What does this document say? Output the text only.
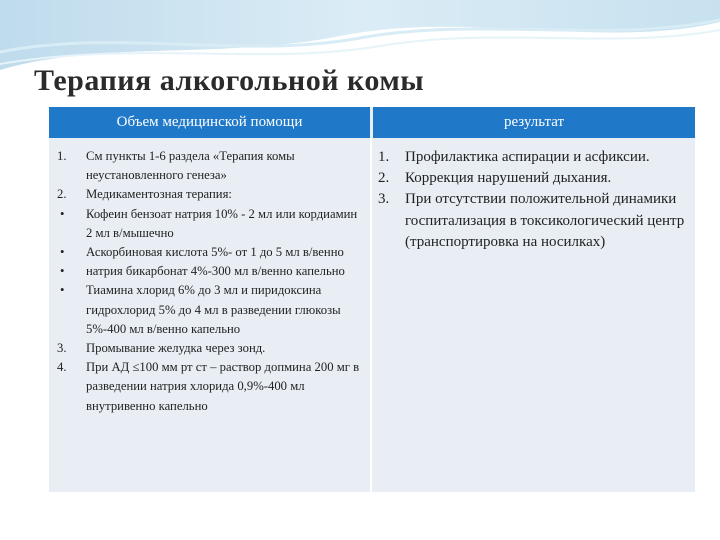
Терапия алкогольной комы
Объем медицинской помощи	результат
1. См пункты 1-6 раздела «Терапия комы неустановленного генеза»
2. Медикаментозная терапия:
• Кофеин бензоат натрия 10% - 2 мл или кордиамин 2 мл в/мышечно
• Аскорбиновая кислота 5%- от 1 до 5 мл в/венно
• натрия бикарбонат 4%-300 мл в/венно капельно
• Тиамина хлорид 6% до 3 мл и пиридоксина гидрохлорид 5% до 4 мл в разведении глюкозы 5%-400 мл в/венно капельно
3. Промывание желудка через зонд.
4. При АД ≤100 мм рт ст – раствор допмина 200 мг в разведении натрия хлорида 0,9%-400 мл внутривенно капельно
1. Профилактика аспирации и асфиксии.
2. Коррекция нарушений дыхания.
3. При отсутствии положительной динамики госпитализация в токсикологический центр (транспортировка на носилках)
